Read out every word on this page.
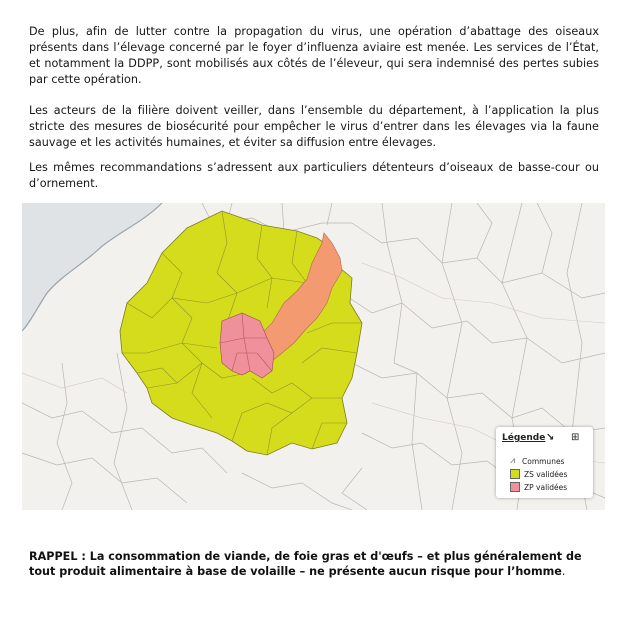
De plus, afin de lutter contre la propagation du virus, une opération d’abattage des oiseaux présents dans l’élevage concerné par le foyer d’influenza aviaire est menée. Les services de l’État, et notamment la DDPP, sont mobilisés aux côtés de l’éleveur, qui sera indemnisé des pertes subies par cette opération.

Les acteurs de la filière doivent veiller, dans l’ensemble du département, à l’application la plus stricte des mesures de biosécurité pour empêcher le virus d’entrer dans les élevages via la faune sauvage et les activités humaines, et éviter sa diffusion entre élevages.

Les mêmes recommandations s’adressent aux particuliers détenteurs d’oiseaux de basse-cour ou d’ornement.

Légende ↘ ⊞
⩘ Communes
ZS validées
ZP validées

RAPPEL : La consommation de viande, de foie gras et d'œufs – et plus généralement de tout produit alimentaire à base de volaille – ne présente aucun risque pour l’homme.
